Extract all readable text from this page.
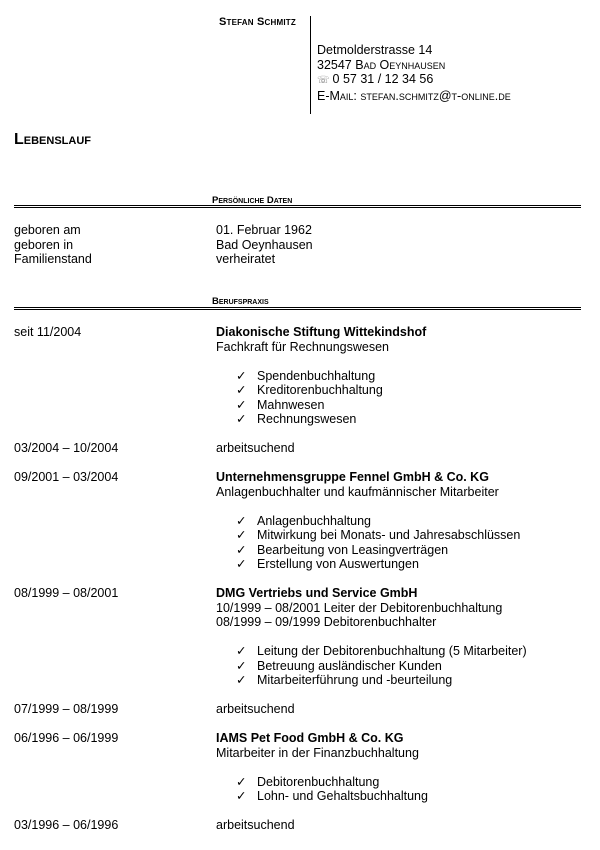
Stefan Schmitz
Detmolderstrasse 14
32547 Bad Oeynhausen
☏ 0 57 31 / 12 34 56
E-Mail: stefan.schmitz@t-online.de
Lebenslauf
Persönliche Daten
geboren am	01. Februar 1962
geboren in	Bad Oeynhausen
Familienstand	verheiratet
Berufspraxis
seit 11/2004	Diakonische Stiftung Wittekindshof
Fachkraft für Rechnungswesen
✓ Spendenbuchhaltung
✓ Kreditorenbuchhaltung
✓ Mahnwesen
✓ Rechnungswesen
03/2004 – 10/2004	arbeitsuchend
09/2001 – 03/2004	Unternehmensgruppe Fennel GmbH & Co. KG
Anlagenbuchhalter und kaufmännischer Mitarbeiter
✓ Anlagenbuchhaltung
✓ Mitwirkung bei Monats- und Jahresabschlüssen
✓ Bearbeitung von Leasingverträgen
✓ Erstellung von Auswertungen
08/1999 – 08/2001	DMG Vertriebs und Service GmbH
10/1999 – 08/2001 Leiter der Debitorenbuchhaltung
08/1999 – 09/1999 Debitorenbuchhalter
✓ Leitung der Debitorenbuchhaltung (5 Mitarbeiter)
✓ Betreuung ausländischer Kunden
✓ Mitarbeiterführung und -beurteilung
07/1999 – 08/1999	arbeitsuchend
06/1996 – 06/1999	IAMS Pet Food GmbH & Co. KG
Mitarbeiter in der Finanzbuchhaltung
✓ Debitorenbuchhaltung
✓ Lohn- und Gehaltsbuchhaltung
03/1996 – 06/1996	arbeitsuchend
